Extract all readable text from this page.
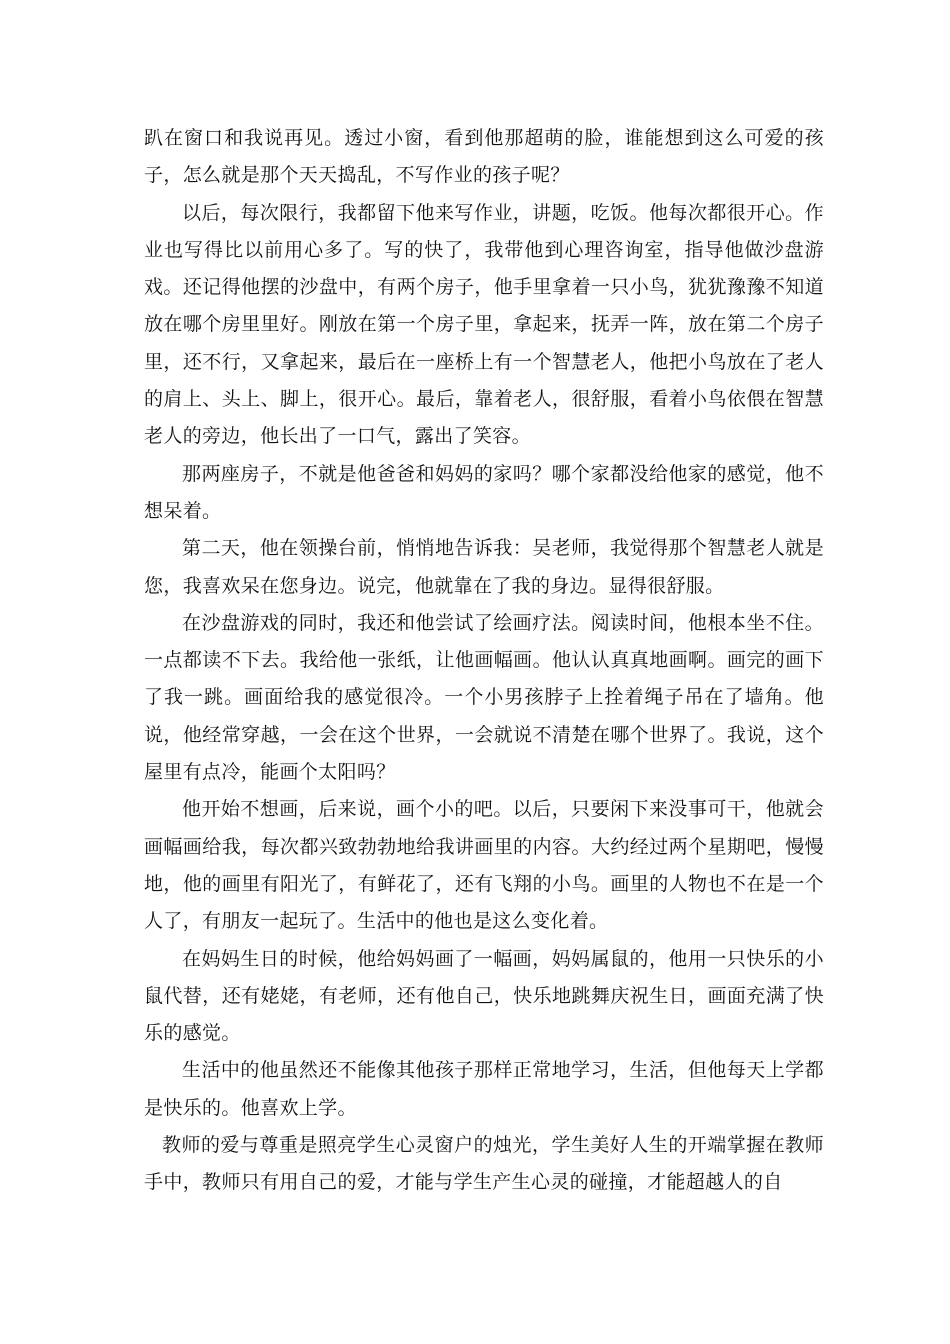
趴在窗口和我说再见。透过小窗，看到他那超萌的脸，谁能想到这么可爱的孩子，怎么就是那个天天捣乱，不写作业的孩子呢？

以后，每次限行，我都留下他来写作业，讲题，吃饭。他每次都很开心。作业也写得比以前用心多了。写的快了，我带他到心理咨询室，指导他做沙盘游戏。还记得他摆的沙盘中，有两个房子，他手里拿着一只小鸟，犹犹豫豫不知道放在哪个房里里好。刚放在第一个房子里，拿起来，抚弄一阵，放在第二个房子里，还不行，又拿起来，最后在一座桥上有一个智慧老人，他把小鸟放在了老人的肩上、头上、脚上，很开心。最后，靠着老人，很舒服，看着小鸟依偎在智慧老人的旁边，他长出了一口气，露出了笑容。

那两座房子，不就是他爸爸和妈妈的家吗？哪个家都没给他家的感觉，他不想呆着。

第二天，他在领操台前，悄悄地告诉我：吴老师，我觉得那个智慧老人就是您，我喜欢呆在您身边。说完，他就靠在了我的身边。显得很舒服。

在沙盘游戏的同时，我还和他尝试了绘画疗法。阅读时间，他根本坐不住。一点都读不下去。我给他一张纸，让他画幅画。他认认真真地画啊。画完的画下了我一跳。画面给我的感觉很冷。一个小男孩脖子上拴着绳子吊在了墙角。他说，他经常穿越，一会在这个世界，一会就说不清楚在哪个世界了。我说，这个屋里有点冷，能画个太阳吗？

他开始不想画，后来说，画个小的吧。以后，只要闲下来没事可干，他就会画幅画给我，每次都兴致勃勃地给我讲画里的内容。大约经过两个星期吧，慢慢地，他的画里有阳光了，有鲜花了，还有飞翔的小鸟。画里的人物也不在是一个人了，有朋友一起玩了。生活中的他也是这么变化着。

在妈妈生日的时候，他给妈妈画了一幅画，妈妈属鼠的，他用一只快乐的小鼠代替，还有姥姥，有老师，还有他自己，快乐地跳舞庆祝生日，画面充满了快乐的感觉。

生活中的他虽然还不能像其他孩子那样正常地学习，生活，但他每天上学都是快乐的。他喜欢上学。

教师的爱与尊重是照亮学生心灵窗户的烛光，学生美好人生的开端掌握在教师手中，教师只有用自己的爱，才能与学生产生心灵的碰撞，才能超越人的自
